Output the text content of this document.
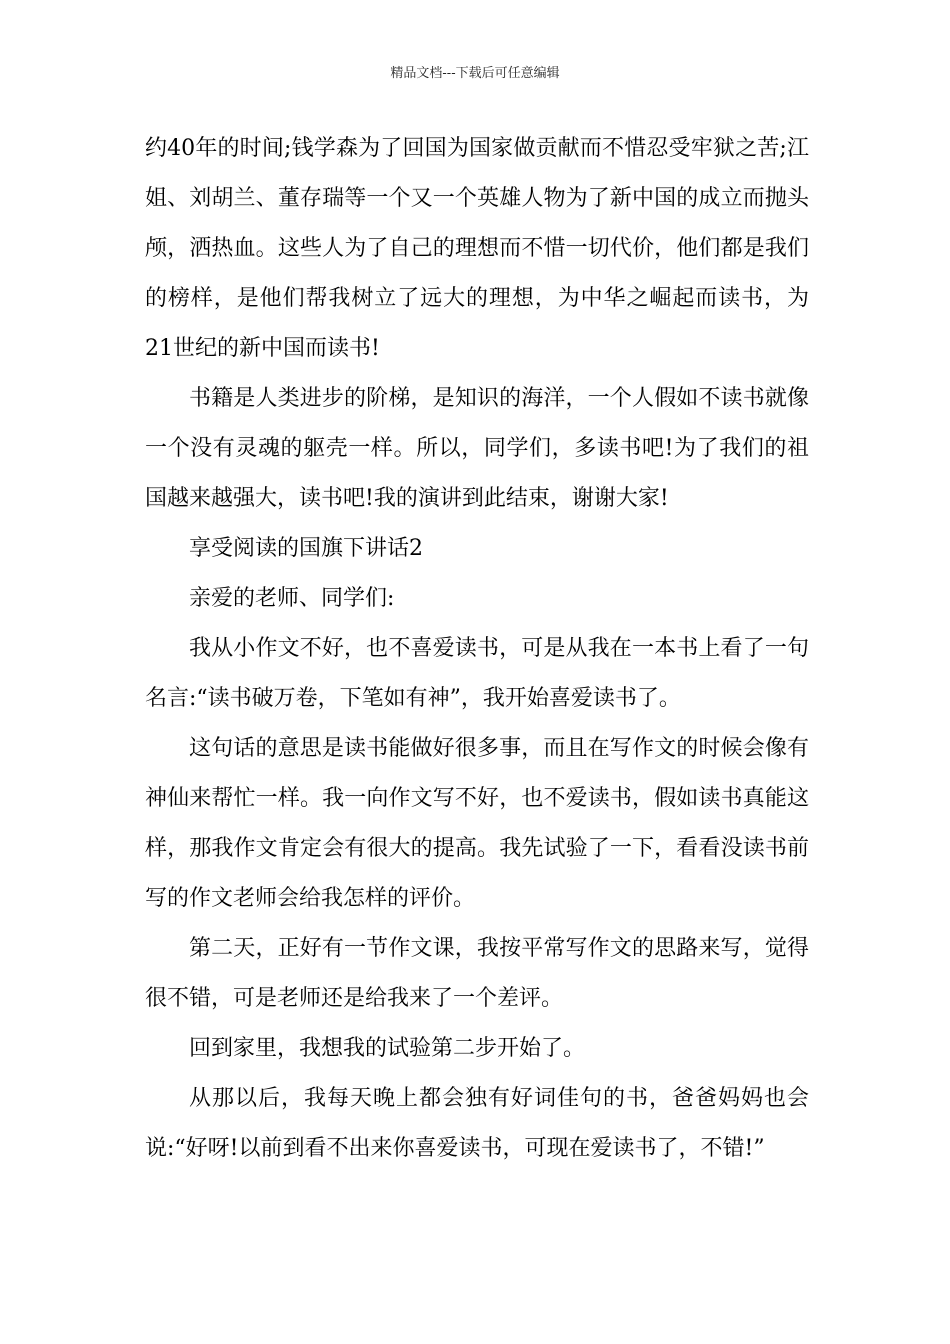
精品文档---下载后可任意编辑

约40年的时间;钱学森为了回国为国家做贡献而不惜忍受牢狱之苦;江姐、刘胡兰、董存瑞等一个又一个英雄人物为了新中国的成立而抛头颅，洒热血。这些人为了自己的理想而不惜一切代价，他们都是我们的榜样，是他们帮我树立了远大的理想，为中华之崛起而读书，为21世纪的新中国而读书!

书籍是人类进步的阶梯，是知识的海洋，一个人假如不读书就像一个没有灵魂的躯壳一样。所以，同学们，多读书吧!为了我们的祖国越来越强大，读书吧!我的演讲到此结束，谢谢大家!

享受阅读的国旗下讲话2

亲爱的老师、同学们:

我从小作文不好，也不喜爱读书，可是从我在一本书上看了一句名言:“读书破万卷，下笔如有神”，我开始喜爱读书了。

这句话的意思是读书能做好很多事，而且在写作文的时候会像有神仙来帮忙一样。我一向作文写不好，也不爱读书，假如读书真能这样，那我作文肯定会有很大的提高。我先试验了一下，看看没读书前写的作文老师会给我怎样的评价。

第二天，正好有一节作文课，我按平常写作文的思路来写，觉得很不错，可是老师还是给我来了一个差评。

回到家里，我想我的试验第二步开始了。

从那以后，我每天晚上都会独有好词佳句的书，爸爸妈妈也会说:“好呀!以前到看不出来你喜爱读书，可现在爱读书了，不错!”
